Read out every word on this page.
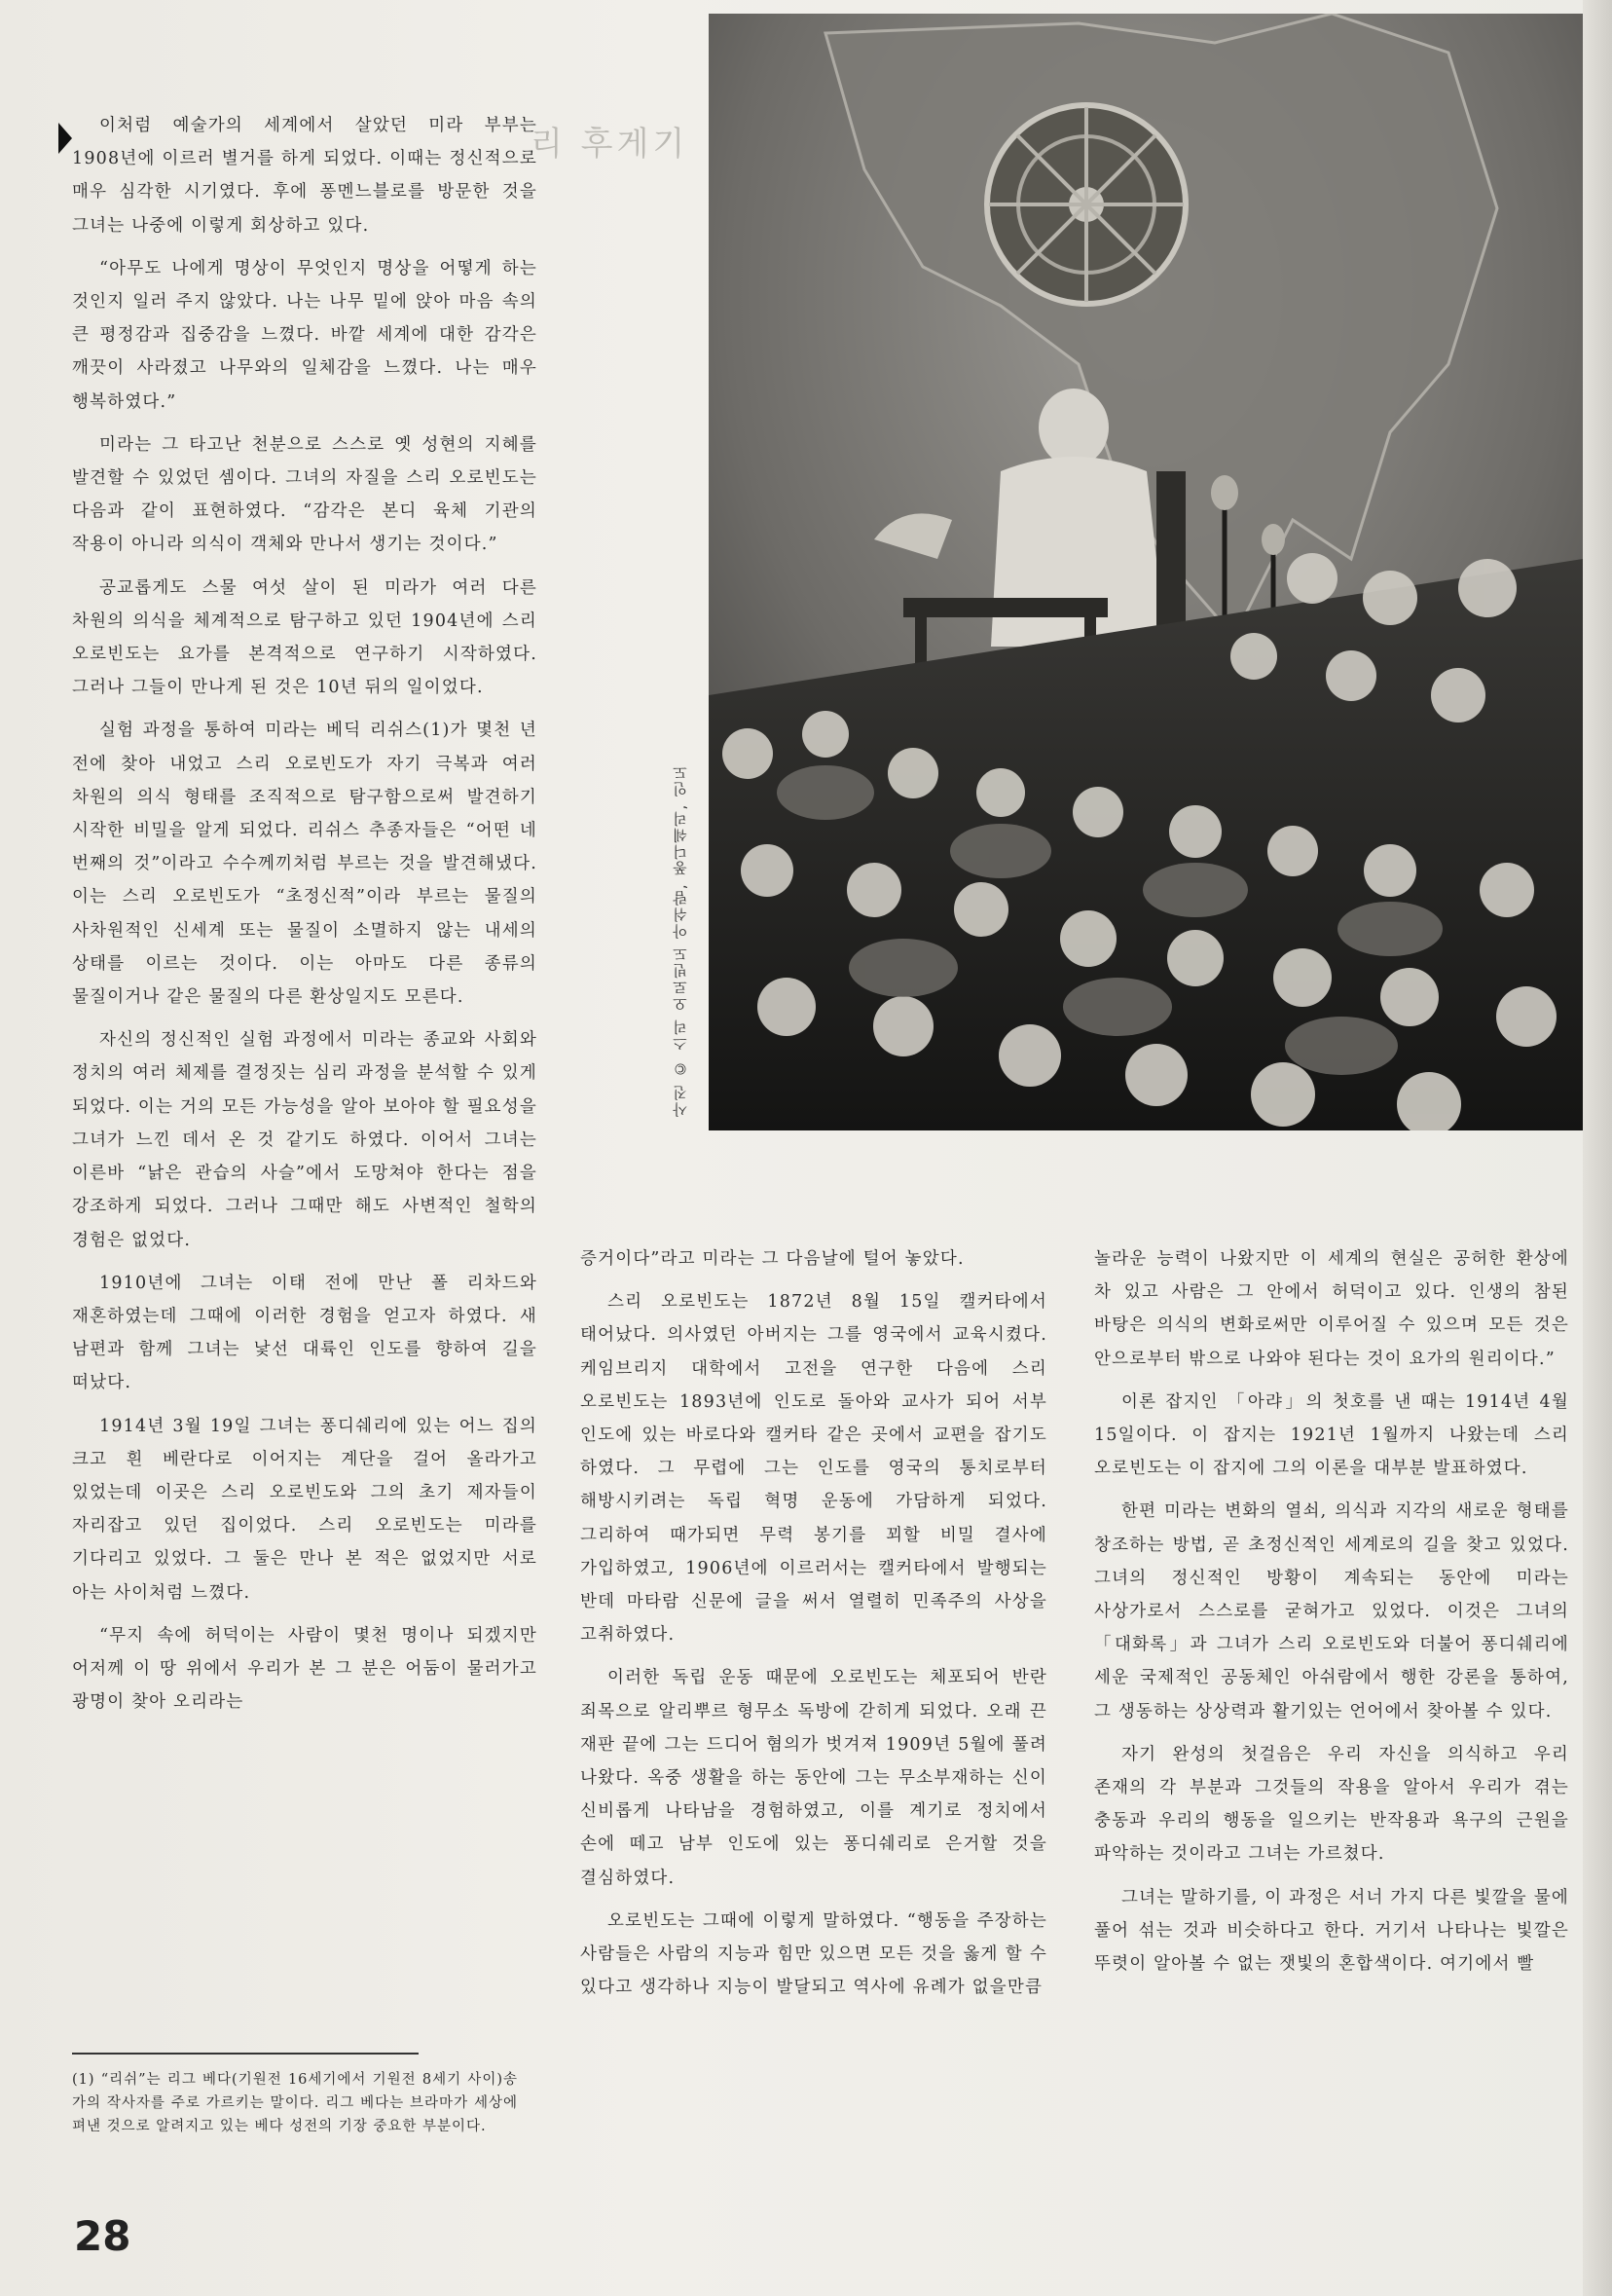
리 후게기

이처럼 예술가의 세계에서 살았던 미라 부부는 1908년에 이르러 별거를 하게 되었다. 이때는 정신적으로 매우 심각한 시기였다. 후에 퐁멘느블로를 방문한 것을 그녀는 나중에 이렇게 회상하고 있다.

“아무도 나에게 명상이 무엇인지 명상을 어떻게 하는 것인지 일러 주지 않았다. 나는 나무 밑에 앉아 마음 속의 큰 평정감과 집중감을 느꼈다. 바깥 세계에 대한 감각은 깨끗이 사라졌고 나무와의 일체감을 느꼈다. 나는 매우 행복하였다.”

미라는 그 타고난 천분으로 스스로 옛 성현의 지혜를 발견할 수 있었던 셈이다. 그녀의 자질을 스리 오로빈도는 다음과 같이 표현하였다. “감각은 본디 육체 기관의 작용이 아니라 의식이 객체와 만나서 생기는 것이다.”

공교롭게도 스물 여섯 살이 된 미라가 여러 다른 차원의 의식을 체계적으로 탐구하고 있던 1904년에 스리 오로빈도는 요가를 본격적으로 연구하기 시작하였다. 그러나 그들이 만나게 된 것은 10년 뒤의 일이었다.

실험 과정을 통하여 미라는 베딕 리쉬스(1)가 몇천 년 전에 찾아 내었고 스리 오로빈도가 자기 극복과 여러 차원의 의식 형태를 조직적으로 탐구함으로써 발견하기 시작한 비밀을 알게 되었다. 리쉬스 추종자들은 “어떤 네 번째의 것”이라고 수수께끼처럼 부르는 것을 발견해냈다. 이는 스리 오로빈도가 “초정신적”이라 부르는 물질의 사차원적인 신세계 또는 물질이 소멸하지 않는 내세의 상태를 이르는 것이다. 이는 아마도 다른 종류의 물질이거나 같은 물질의 다른 환상일지도 모른다.

자신의 정신적인 실험 과정에서 미라는 종교와 사회와 정치의 여러 체제를 결정짓는 심리 과정을 분석할 수 있게 되었다. 이는 거의 모든 가능성을 알아 보아야 할 필요성을 그녀가 느낀 데서 온 것 같기도 하였다. 이어서 그녀는 이른바 “낡은 관습의 사슬”에서 도망쳐야 한다는 점을 강조하게 되었다. 그러나 그때만 해도 사변적인 철학의 경험은 없었다.

1910년에 그녀는 이태 전에 만난 폴 리차드와 재혼하였는데 그때에 이러한 경험을 얻고자 하였다. 새 남편과 함께 그녀는 낯선 대륙인 인도를 향하여 길을 떠났다.

1914년 3월 19일 그녀는 퐁디쉐리에 있는 어느 집의 크고 흰 베란다로 이어지는 계단을 걸어 올라가고 있었는데 이곳은 스리 오로빈도와 그의 초기 제자들이 자리잡고 있던 집이었다. 스리 오로빈도는 미라를 기다리고 있었다. 그 둘은 만나 본 적은 없었지만 서로 아는 사이처럼 느꼈다.

“무지 속에 허덕이는 사람이 몇천 명이나 되겠지만 어저께 이 땅 위에서 우리가 본 그 분은 어둠이 물러가고 광명이 찾아 오리라는

(1) “리쉬”는 리그 베다(기원전 16세기에서 기원전 8세기 사이)송가의 작사자를 주로 가르키는 말이다. 리그 베다는 브라마가 세상에 펴낸 것으로 알려지고 있는 베다 성전의 기장 중요한 부분이다.
사진 © 스리 오로빈도 아쉬람, 퐁디쉐리, 인도

증거이다”라고 미라는 그 다음날에 털어 놓았다.

스리 오로빈도는 1872년 8월 15일 캘커타에서 태어났다. 의사였던 아버지는 그를 영국에서 교육시켰다. 케임브리지 대학에서 고전을 연구한 다음에 스리 오로빈도는 1893년에 인도로 돌아와 교사가 되어 서부 인도에 있는 바로다와 캘커타 같은 곳에서 교편을 잡기도 하였다. 그 무렵에 그는 인도를 영국의 통치로부터 해방시키려는 독립 혁명 운동에 가담하게 되었다. 그리하여 때가되면 무력 봉기를 꾀할 비밀 결사에 가입하였고, 1906년에 이르러서는 캘커타에서 발행되는 반데 마타람 신문에 글을 써서 열렬히 민족주의 사상을 고취하였다.

이러한 독립 운동 때문에 오로빈도는 체포되어 반란 죄목으로 알리뿌르 형무소 독방에 갇히게 되었다. 오래 끈 재판 끝에 그는 드디어 혐의가 벗겨져 1909년 5월에 풀려 나왔다. 옥중 생활을 하는 동안에 그는 무소부재하는 신이 신비롭게 나타남을 경험하였고, 이를 계기로 정치에서 손에 떼고 남부 인도에 있는 퐁디쉐리로 은거할 것을 결심하였다.

오로빈도는 그때에 이렇게 말하였다. “행동을 주장하는 사람들은 사람의 지능과 힘만 있으면 모든 것을 옳게 할 수 있다고 생각하나 지능이 발달되고 역사에 유례가 없을만큼

놀라운 능력이 나왔지만 이 세계의 현실은 공허한 환상에 차 있고 사람은 그 안에서 허덕이고 있다. 인생의 참된 바탕은 의식의 변화로써만 이루어질 수 있으며 모든 것은 안으로부터 밖으로 나와야 된다는 것이 요가의 원리이다.”

이론 잡지인 「아랴」의 첫호를 낸 때는 1914년 4월 15일이다. 이 잡지는 1921년 1월까지 나왔는데 스리 오로빈도는 이 잡지에 그의 이론을 대부분 발표하였다.

한편 미라는 변화의 열쇠, 의식과 지각의 새로운 형태를 창조하는 방법, 곧 초정신적인 세계로의 길을 찾고 있었다. 그녀의 정신적인 방황이 계속되는 동안에 미라는 사상가로서 스스로를 굳혀가고 있었다. 이것은 그녀의 「대화록」과 그녀가 스리 오로빈도와 더불어 퐁디쉐리에 세운 국제적인 공동체인 아쉬람에서 행한 강론을 통하여, 그 생동하는 상상력과 활기있는 언어에서 찾아볼 수 있다.

자기 완성의 첫걸음은 우리 자신을 의식하고 우리 존재의 각 부분과 그것들의 작용을 알아서 우리가 겪는 충동과 우리의 행동을 일으키는 반작용과 욕구의 근원을 파악하는 것이라고 그녀는 가르쳤다.

그녀는 말하기를, 이 과정은 서너 가지 다른 빛깔을 물에 풀어 섞는 것과 비슷하다고 한다. 거기서 나타나는 빛깔은 뚜렷이 알아볼 수 없는 잿빛의 혼합색이다. 여기에서 빨

28
